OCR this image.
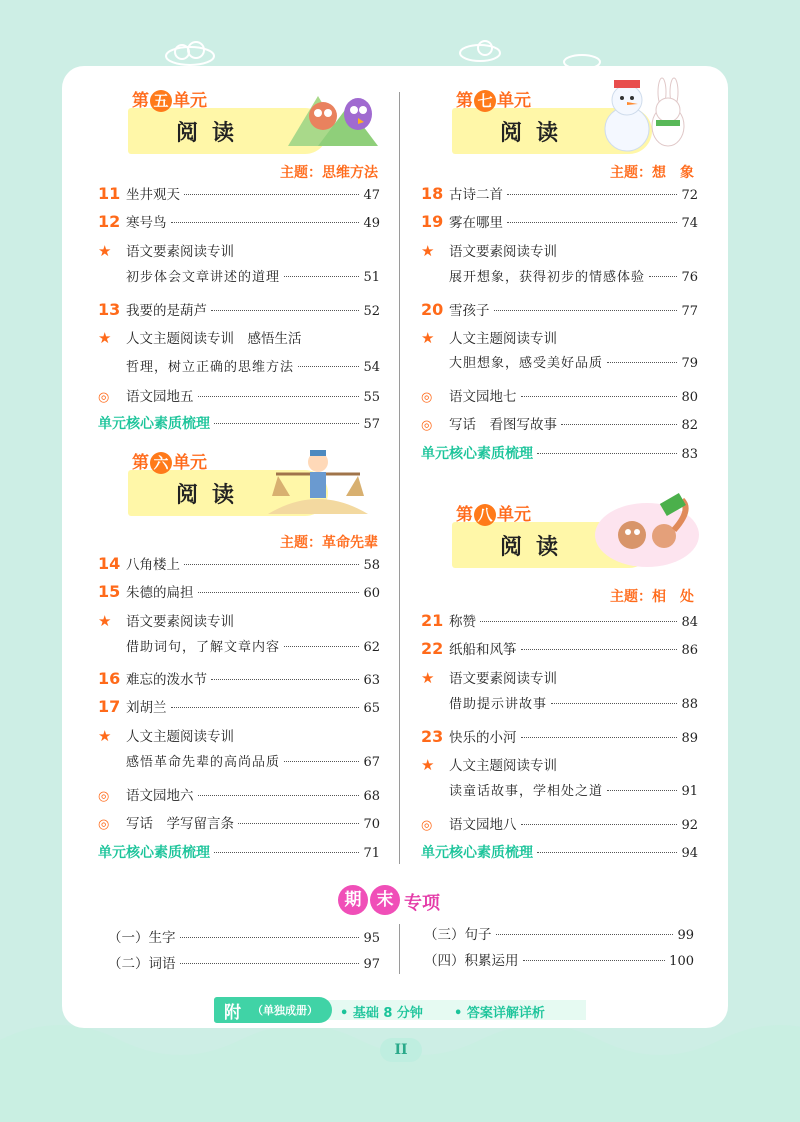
第 五 单元
阅读
主题：思维方法
11 坐井观天	47
12 寒号鸟	49
★	语文要素阅读专训
初步体会文章讲述的道理	51
13 我要的是葫芦	52
★	人文主题阅读专训　感悟生活
哲理，树立正确的思维方法	54
◎	语文园地五	55
单元核心素质梳理	57
第 六 单元
阅读
主题：革命先辈
14 八角楼上	58
15 朱德的扁担	60
★	语文要素阅读专训
借助词句，了解文章内容	62
16 难忘的泼水节	63
17 刘胡兰	65
★	人文主题阅读专训
感悟革命先辈的高尚品质	67
◎	语文园地六	68
◎	写话　学写留言条	70
单元核心素质梳理	71
第 七 单元
阅读
主题：想　象
18 古诗二首	72
19 雾在哪里	74
★	语文要素阅读专训
展开想象，获得初步的情感体验	76
20 雪孩子	77
★	人文主题阅读专训
大胆想象，感受美好品质	79
◎	语文园地七	80
◎	写话　看图写故事	82
单元核心素质梳理	83
第 八 单元
阅读
主题：相　处
21 称赞	84
22 纸船和风筝	86
★	语文要素阅读专训
借助提示讲故事	88
23 快乐的小河	89
★	人文主题阅读专训
读童话故事，学相处之道	91
◎	语文园地八	92
单元核心素质梳理	94
期 末 专项
（一）生字	95
（二）词语	97
（三）句子	99
（四）积累运用	100
附 （单独成册） • 基础 8 分钟 • 答案详解详析
II
